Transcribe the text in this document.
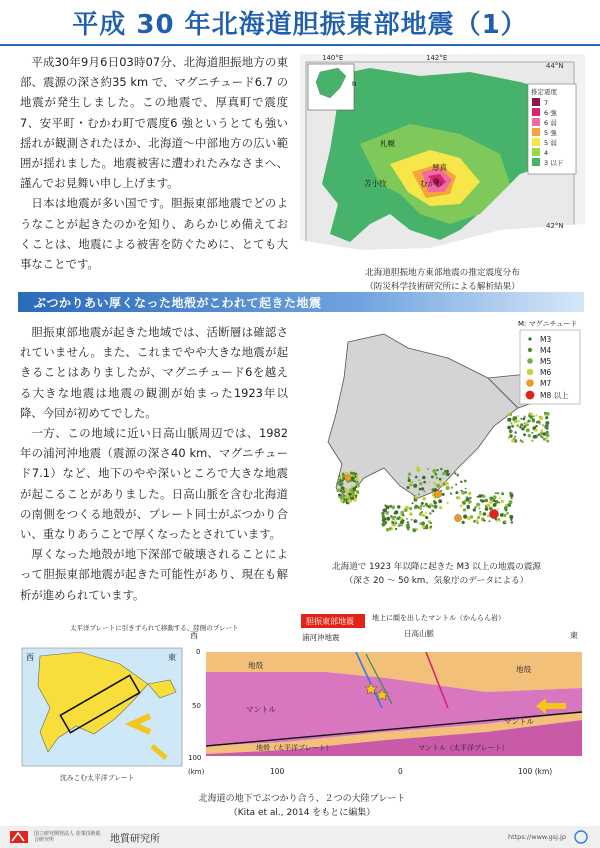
平成 30 年北海道胆振東部地震（1）

平成30年9月6日03時07分、北海道胆振地方の東部、震源の深さ約35 km で、マグニチュード6.7 の地震が発生しました。この地震で、厚真町で震度7、安平町・むかわ町で震度6 強というとても強い揺れが観測されたほか、北海道〜中部地方の広い範囲が揺れました。地震被害に遭われたみなさまへ、謹んでお見舞い申し上げます。

日本は地震が多い国です。胆振東部地震でどのようなことが起きたのかを知り、あらかじめ備えておくことは、地震による被害を防ぐために、とても大事なことです。

N
140°E	142°E
44°N
42°N
札幌
苫小牧
厚真
むかわ
推定震度
7
6 強
6 弱
5 強
5 弱
4
3 以下
北海道胆振地方東部地震の推定震度分布
（防災科学技術研究所による解析結果）
ぶつかりあい厚くなった地殻がこわれて起きた地震

胆振東部地震が起きた地域では、活断層は確認されていません。また、これまでやや大きな地震が起きることはありましたが、マグニチュード6を越える大きな地震は地震の観測が始まった1923年以降、今回が初めてでした。

一方、この地域に近い日高山脈周辺では、1982 年の浦河沖地震（震源の深さ40 km、マグニチュード7.1）など、地下のやや深いところで大きな地震が起こることがありました。日高山脈を含む北海道の南側をつくる地殻が、プレート同士がぶつかり合い、重なりあうことで厚くなったとされています。

厚くなった地殻が地下深部で破壊されることによって胆振東部地震が起きた可能性があり、現在も解析が進められています。

M: マグニチュード
M3
M4
M5
M6
M7
M8 以上
北海道で 1923 年以降に起きた M3 以上の地震の震源
（深さ 20 〜 50 km、気象庁のデータによる）
太平洋プレートに引きずられて移動する、陸側のプレート
西	東
沈みこむ太平洋プレート
胆振東部地震
浦河沖地震
地上に顔を出したマントル（かんらん岩）
日高山脈
西	東
地殻	地殻
マントル
マントル
地殻（太平洋プレート）	マントル（太平洋プレート）
0
50
100
(km)	100	0	100 (km)
北海道の地下でぶつかり合う、２つの大陸プレート
（Kita et al., 2014 をもとに編集）
国立研究開発法人 産業技術総合研究所	地質研究所	https://www.gsj.jp
